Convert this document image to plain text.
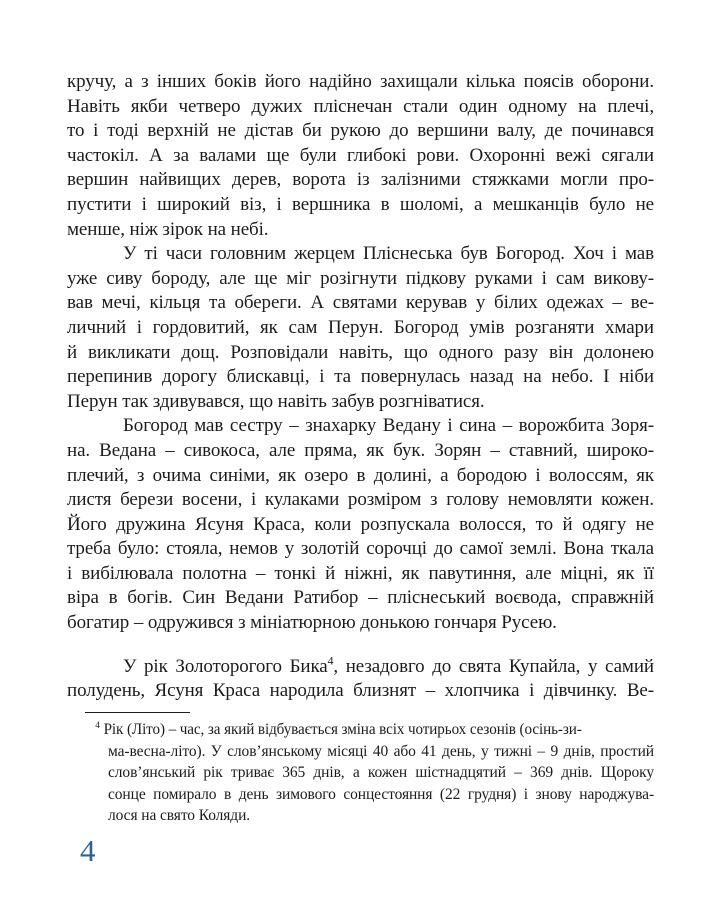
кручу, а з інших боків його надійно захищали кілька поясів оборони.
Навіть якби четверо дужих пліснечан стали один одному на плечі,
то і тоді верхній не дістав би рукою до вершини валу, де починався
частокіл. А за валами ще були глибокі рови. Охоронні вежі сягали
вершин найвищих дерев, ворота із залізними стяжками могли про-
пустити і широкий віз, і вершника в шоломі, а мешканців було не
менше, ніж зірок на небі.
У ті часи головним жерцем Пліснеська був Богород. Хоч і мав
уже сиву бороду, але ще міг розігнути підкову руками і сам викову-
вав мечі, кільця та обереги. А святами керував у білих одежах – ве-
личний і гордовитий, як сам Перун. Богород умів розганяти хмари
й викликати дощ. Розповідали навіть, що одного разу він долонею
перепинив дорогу блискавці, і та повернулась назад на небо. І ніби
Перун так здивувався, що навіть забув розгніватися.
Богород мав сестру – знахарку Ведану і сина – ворожбита Зоря-
на. Ведана – сивокоса, але пряма, як бук. Зорян – ставний, широко-
плечий, з очима синіми, як озеро в долині, а бородою і волоссям, як
листя берези восени, і кулаками розміром з голову немовляти кожен.
Його дружина Ясуня Краса, коли розпускала волосся, то й одягу не
треба було: стояла, немов у золотій сорочці до самої землі. Вона ткала
і вибілювала полотна – тонкі й ніжні, як павутиння, але міцні, як її
віра в богів. Син Ведани Ратибор – пліснеський воєвода, справжній
богатир – одружився з мініатюрною донькою гончаря Русею.
У рік Золоторогого Бика$^4$, незадовго до свята Купайла, у самий
полудень, Ясуня Краса народила близнят – хлопчика і дівчинку. Ве-
$^4$ Рік (Літо) – час, за який відбувається зміна всіх чотирьох сезонів (осінь-зи-
ма-весна-літо). У слов’янському місяці 40 або 41 день, у тижні – 9 днів, простий
слов’янський рік триває 365 днів, а кожен шістнадцятий – 369 днів. Щороку
сонце помирало в день зимового сонцестояння (22 грудня) і знову народжува-
лося на свято Коляди.
4
